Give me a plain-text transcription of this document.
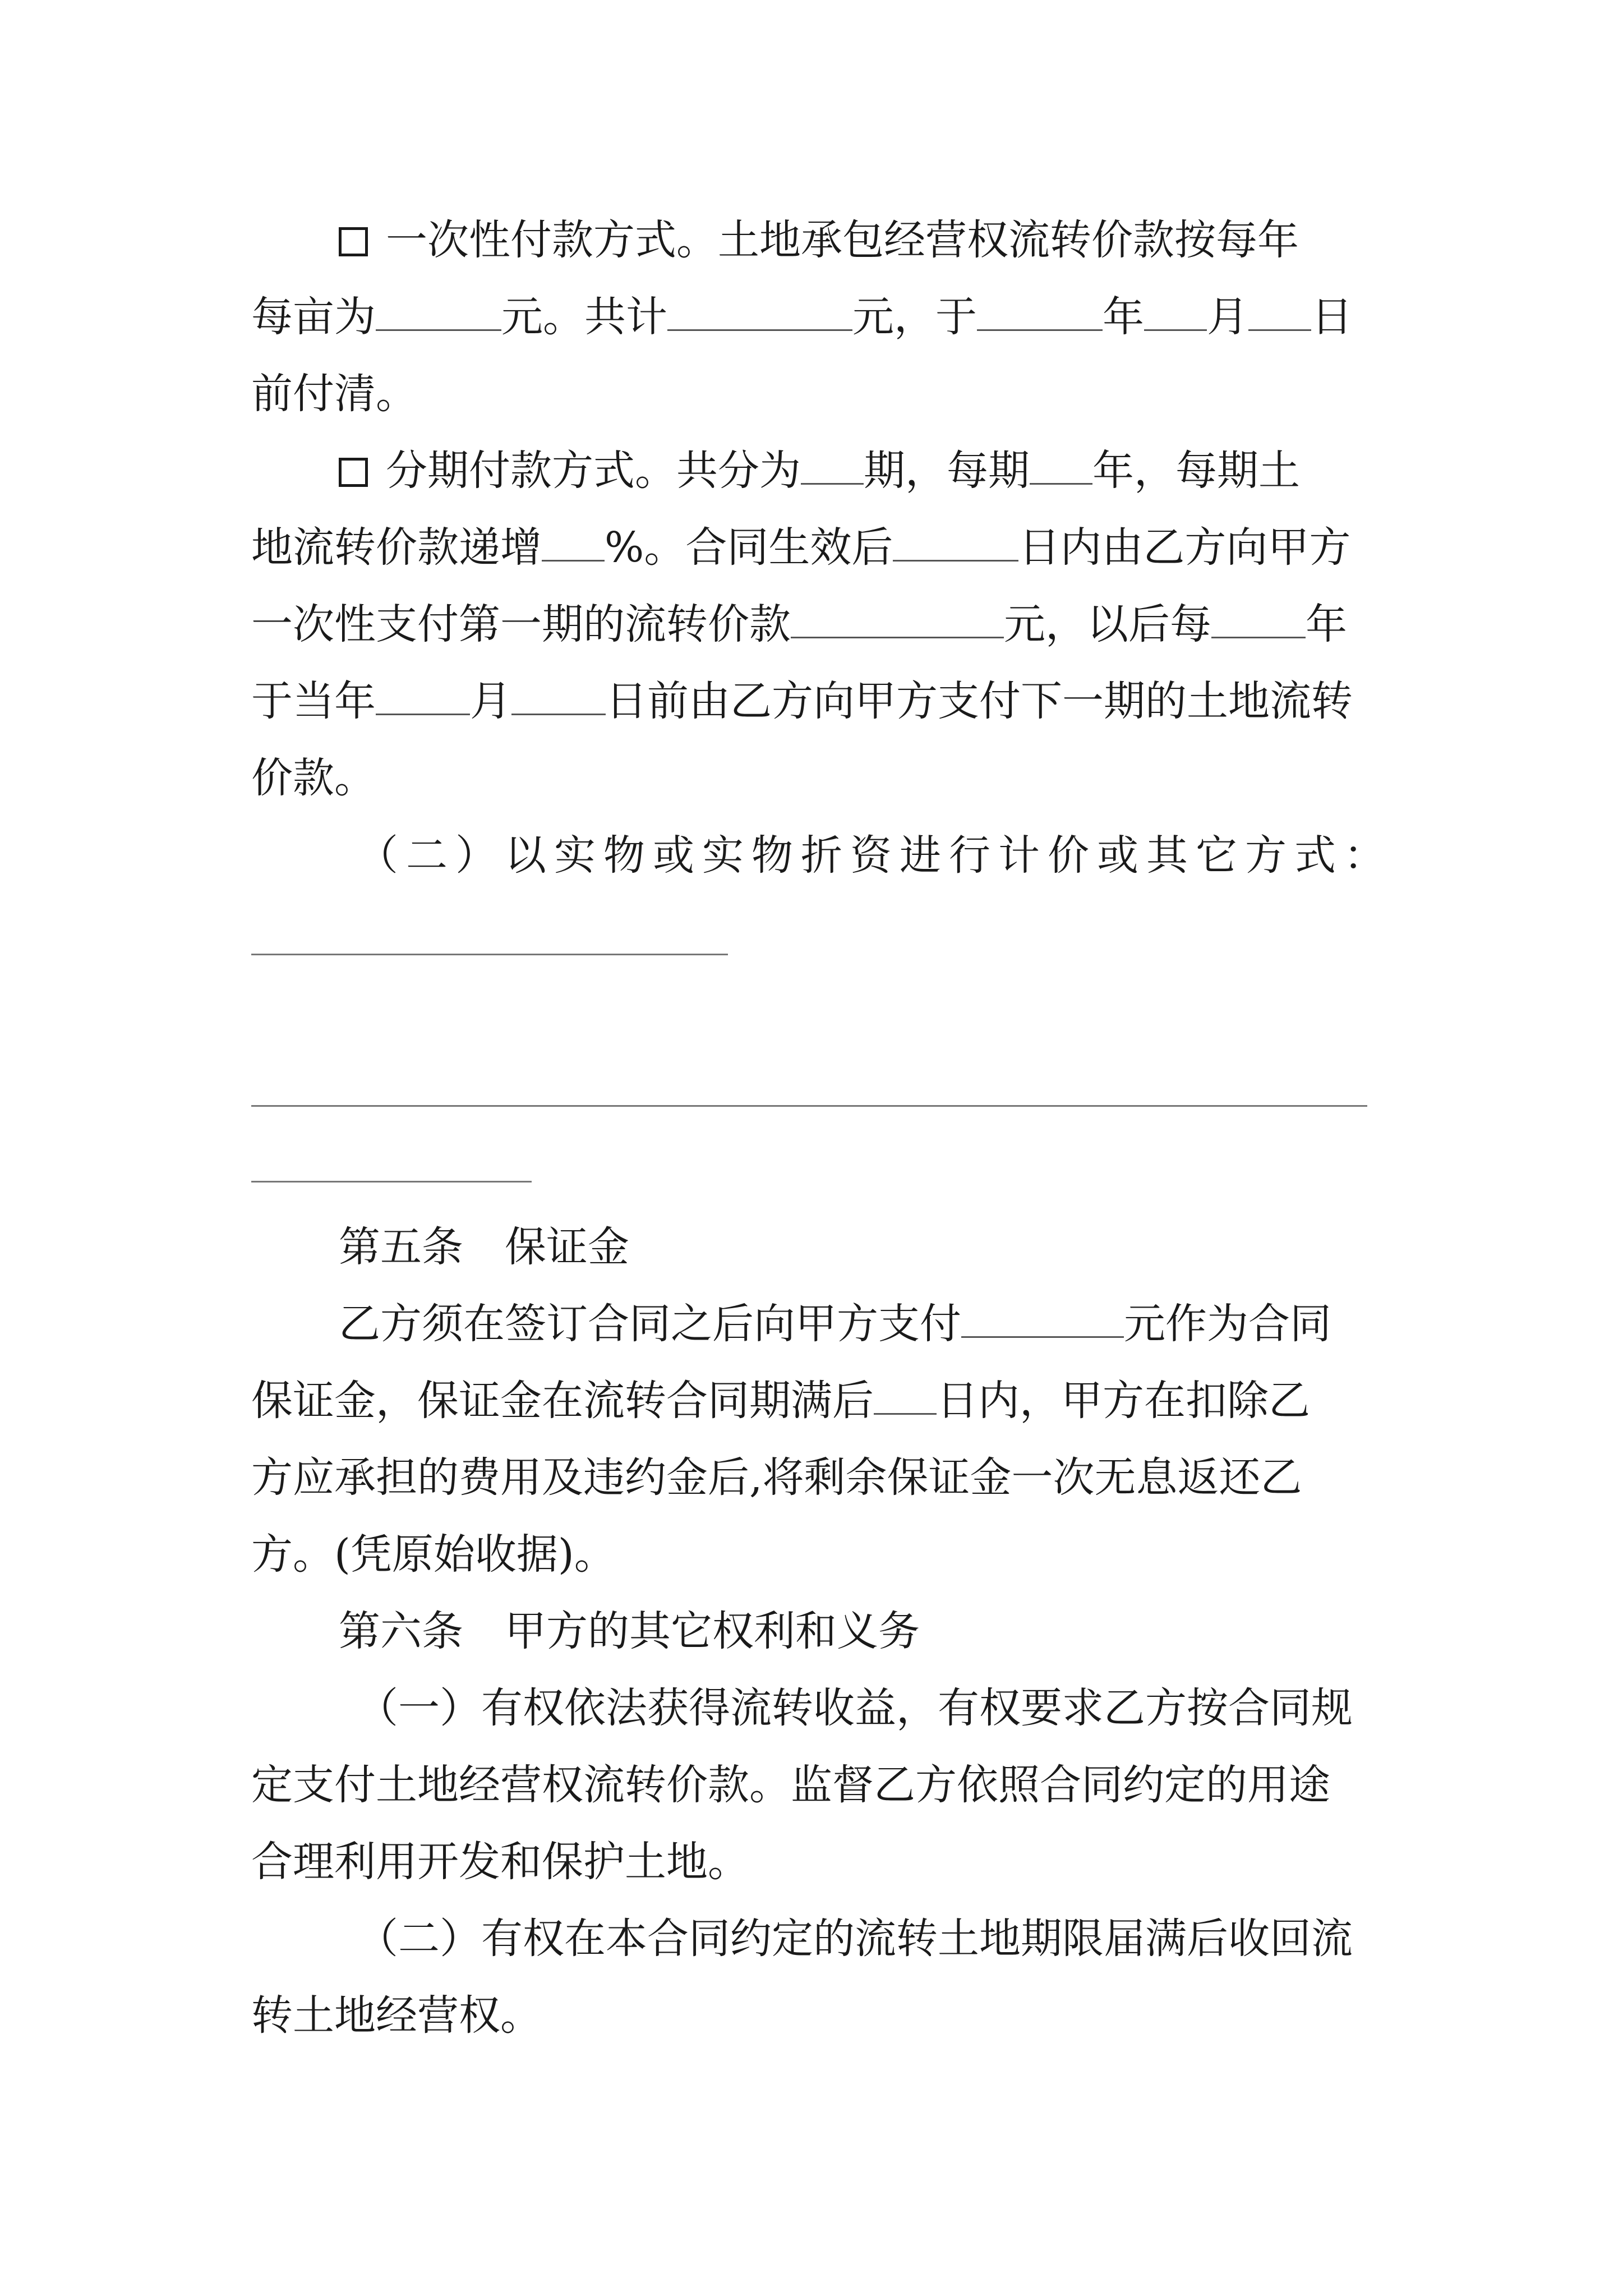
一次性付款方式。土地承包经营权流转价款按每年
每亩为	元。共计	元，于	年 月 日
前付清。
分期付款方式。共分为 期，每期 年，每期土
地流转价款递增 %。合同生效后	日内由乙方向甲方
一次性支付第一期的流转价款	元，以后每 年
于当年 月 日前由乙方向甲方支付下一期的土地流转
价款。
（二）以实物或实物折资进行计价或其它方式：
第五条　保证金
乙方须在签订合同之后向甲方支付	元作为合同
保证金，保证金在流转合同期满后 日内，甲方在扣除乙
方应承担的费用及违约金后,将剩余保证金一次无息返还乙
方。(凭原始收据)。
第六条　甲方的其它权利和义务
（一）有权依法获得流转收益，有权要求乙方按合同规
定支付土地经营权流转价款。监督乙方依照合同约定的用途
合理利用开发和保护土地。
（二）有权在本合同约定的流转土地期限届满后收回流
转土地经营权。
